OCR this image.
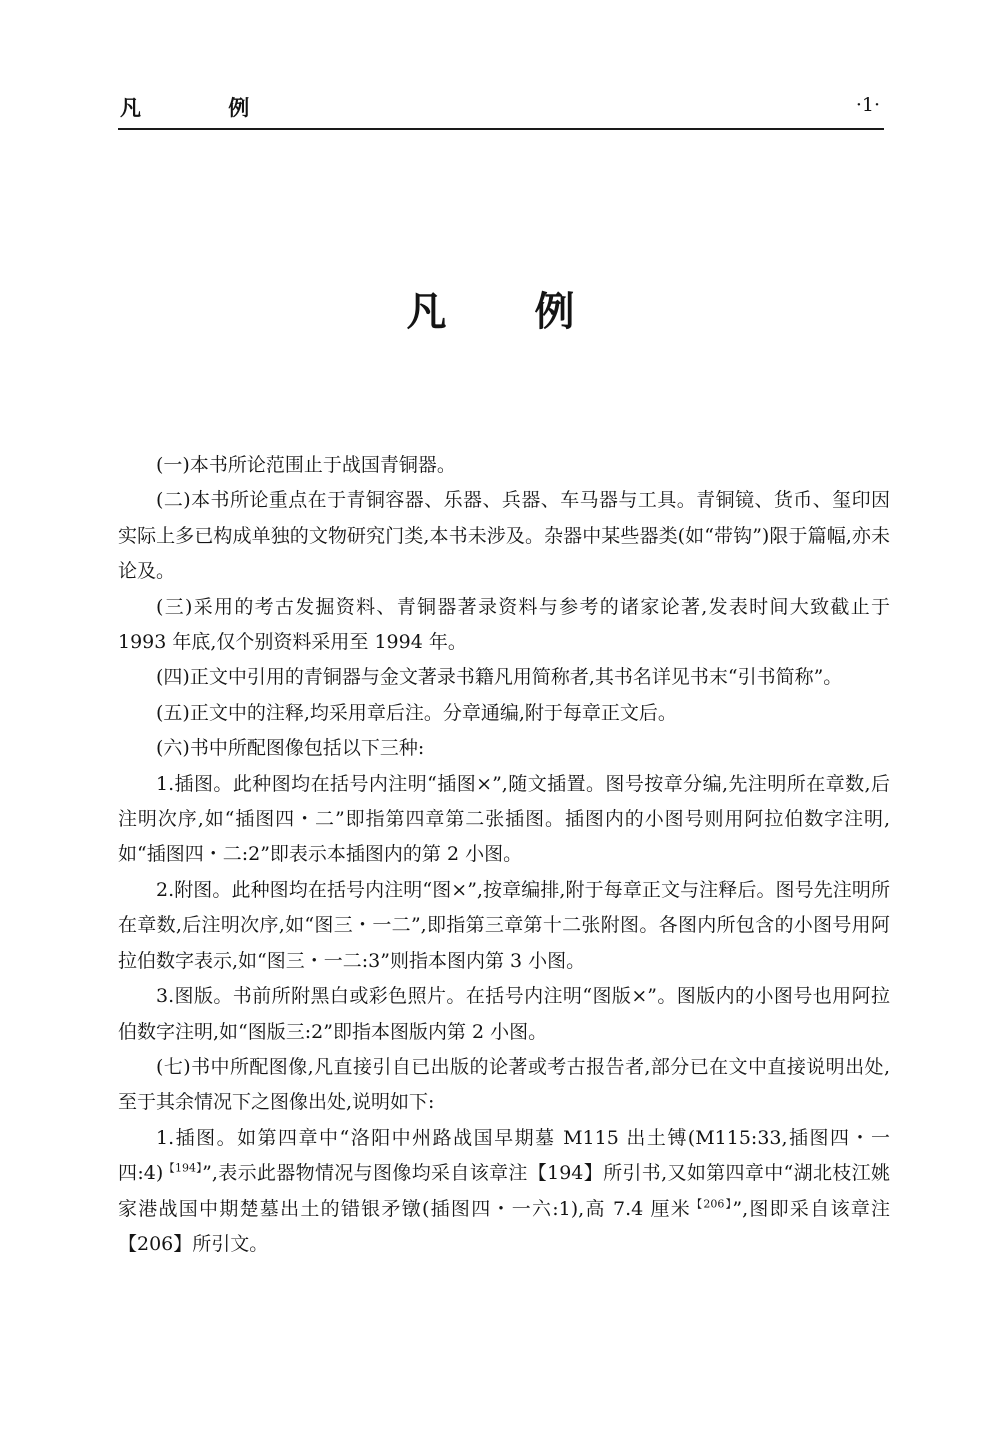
凡 例	·1·
凡例

(一)本书所论范围止于战国青铜器。

(二)本书所论重点在于青铜容器、乐器、兵器、车马器与工具。青铜镜、货币、玺印因实际上多已构成单独的文物研究门类,本书未涉及。杂器中某些器类(如“带钩”)限于篇幅,亦未论及。

(三)采用的考古发掘资料、青铜器著录资料与参考的诸家论著,发表时间大致截止于 1993 年底,仅个别资料采用至 1994 年。

(四)正文中引用的青铜器与金文著录书籍凡用简称者,其书名详见书末“引书简称”。

(五)正文中的注释,均采用章后注。分章通编,附于每章正文后。

(六)书中所配图像包括以下三种:

1.插图。此种图均在括号内注明“插图×”,随文插置。图号按章分编,先注明所在章数,后注明次序,如“插图四・二”即指第四章第二张插图。插图内的小图号则用阿拉伯数字注明,如“插图四・二:2”即表示本插图内的第 2 小图。

2.附图。此种图均在括号内注明“图×”,按章编排,附于每章正文与注释后。图号先注明所在章数,后注明次序,如“图三・一二”,即指第三章第十二张附图。各图内所包含的小图号用阿拉伯数字表示,如“图三・一二:3”则指本图内第 3 小图。

3.图版。书前所附黑白或彩色照片。在括号内注明“图版×”。图版内的小图号也用阿拉伯数字注明,如“图版三:2”即指本图版内第 2 小图。

(七)书中所配图像,凡直接引自已出版的论著或考古报告者,部分已在文中直接说明出处,至于其余情况下之图像出处,说明如下:

1.插图。如第四章中“洛阳中州路战国早期墓 M115 出土镈(M115:33,插图四・一四:4)$^{【194】}$”,表示此器物情况与图像均采自该章注【194】所引书,又如第四章中“湖北枝江姚家港战国中期楚墓出土的错银矛镦(插图四・一六:1),高 7.4 厘米$^{【206】}$”,图即采自该章注【206】所引文。
